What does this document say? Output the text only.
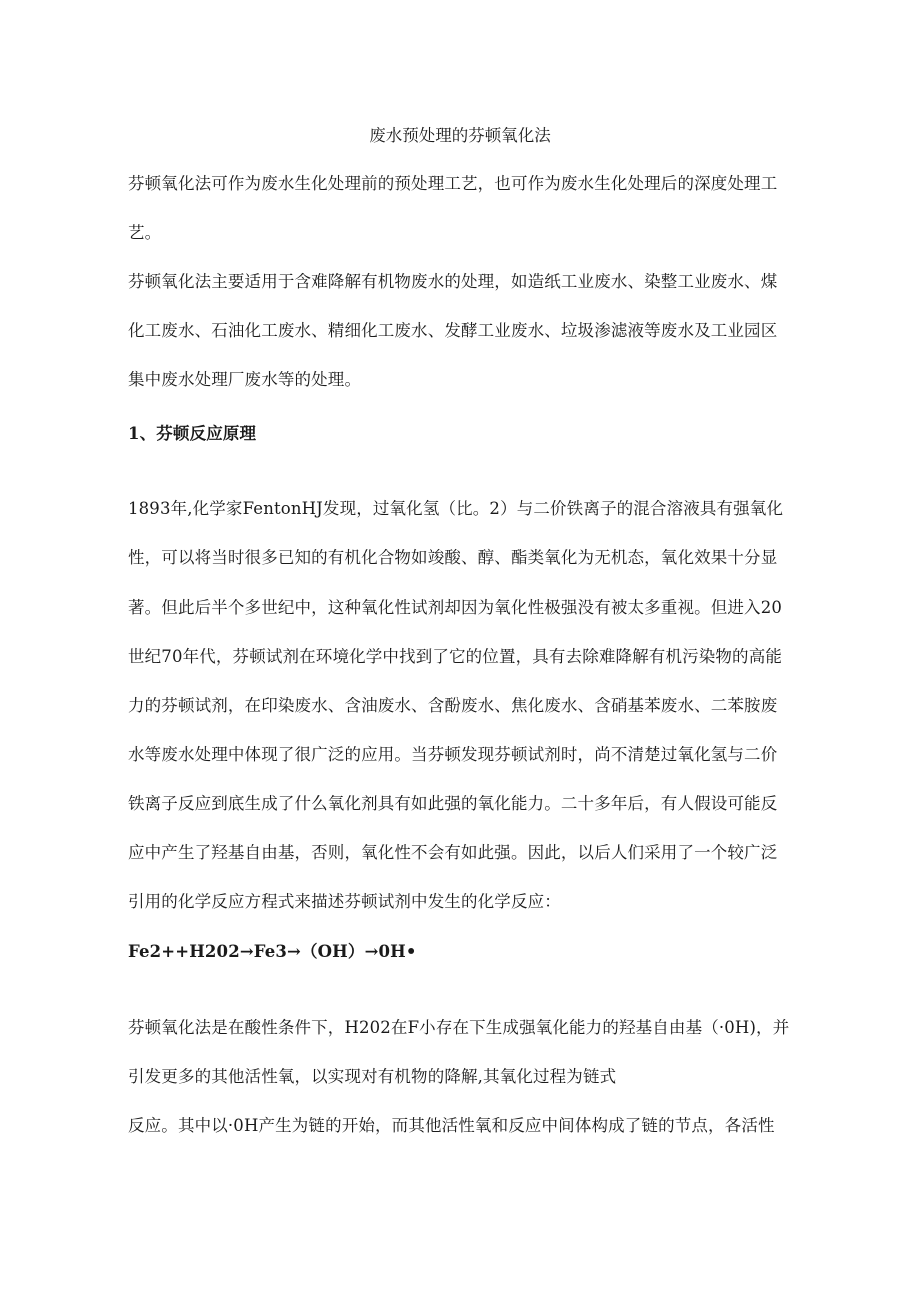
废水预处理的芬顿氧化法
芬顿氧化法可作为废水生化处理前的预处理工艺，也可作为废水生化处理后的深度处理工
艺。
芬顿氧化法主要适用于含难降解有机物废水的处理，如造纸工业废水、染整工业废水、煤
化工废水、石油化工废水、精细化工废水、发酵工业废水、垃圾渗滤液等废水及工业园区
集中废水处理厂废水等的处理。
1、芬顿反应原理
1893年,化学家FentonHJ发现，过氧化氢（比。2）与二价铁离子的混合溶液具有强氧化
性，可以将当时很多已知的有机化合物如竣酸、醇、酯类氧化为无机态，氧化效果十分显
著。但此后半个多世纪中，这种氧化性试剂却因为氧化性极强没有被太多重视。但进入20
世纪70年代，芬顿试剂在环境化学中找到了它的位置，具有去除难降解有机污染物的高能
力的芬顿试剂，在印染废水、含油废水、含酚废水、焦化废水、含硝基苯废水、二苯胺废
水等废水处理中体现了很广泛的应用。当芬顿发现芬顿试剂时，尚不清楚过氧化氢与二价
铁离子反应到底生成了什么氧化剂具有如此强的氧化能力。二十多年后，有人假设可能反
应中产生了羟基自由基，否则，氧化性不会有如此强。因此，以后人们采用了一个较广泛
引用的化学反应方程式来描述芬顿试剂中发生的化学反应：
Fe2++H202→Fe3→（OH）→0H•
芬顿氧化法是在酸性条件下，H202在F小存在下生成强氧化能力的羟基自由基（·0H)，并
引发更多的其他活性氧，以实现对有机物的降解,其氧化过程为链式
反应。其中以·0H产生为链的开始，而其他活性氧和反应中间体构成了链的节点，各活性
